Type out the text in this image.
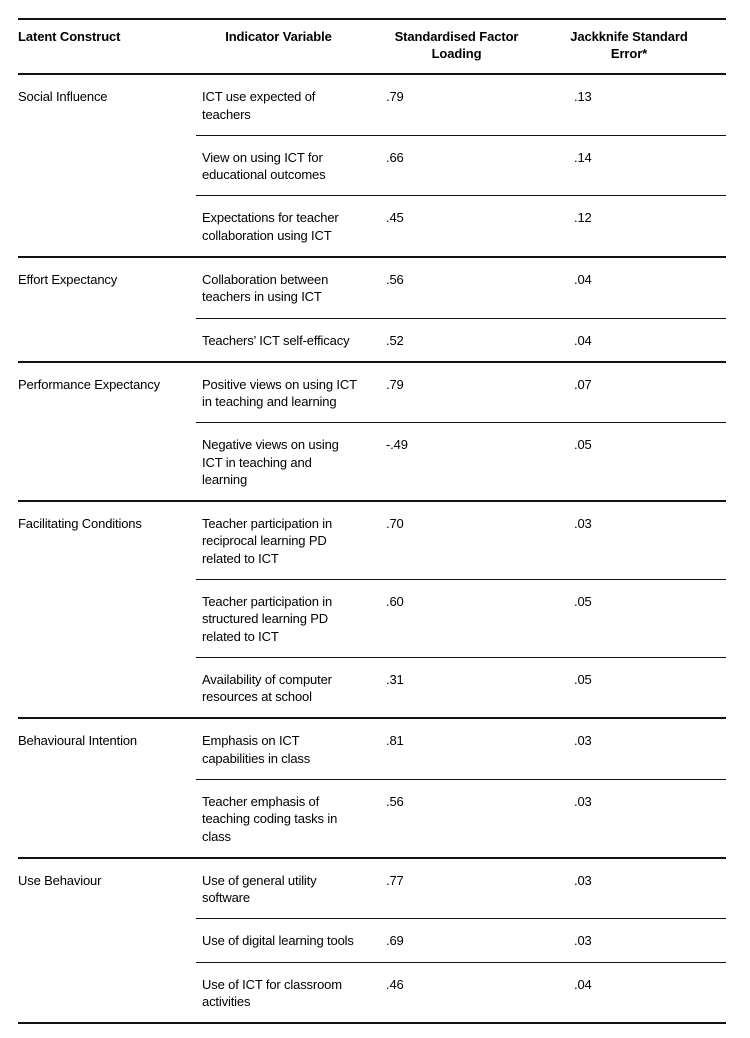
Latent Construct	Indicator Variable	Standardised Factor Loading	Jackknife Standard Error*
Social Influence	ICT use expected of teachers	.79	.13
	View on using ICT for educational outcomes	.66	.14
	Expectations for teacher collaboration using ICT	.45	.12
Effort Expectancy	Collaboration between teachers in using ICT	.56	.04
	Teachers’ ICT self-efficacy	.52	.04
Performance Expectancy	Positive views on using ICT in teaching and learning	.79	.07
	Negative views on using ICT in teaching and learning	-.49	.05
Facilitating Conditions	Teacher participation in reciprocal learning PD related to ICT	.70	.03
	Teacher participation in structured learning PD related to ICT	.60	.05
	Availability of computer resources at school	.31	.05
Behavioural Intention	Emphasis on ICT capabilities in class	.81	.03
	Teacher emphasis of teaching coding tasks in class	.56	.03
Use Behaviour	Use of general utility software	.77	.03
	Use of digital learning tools	.69	.03
	Use of ICT for classroom activities	.46	.04
